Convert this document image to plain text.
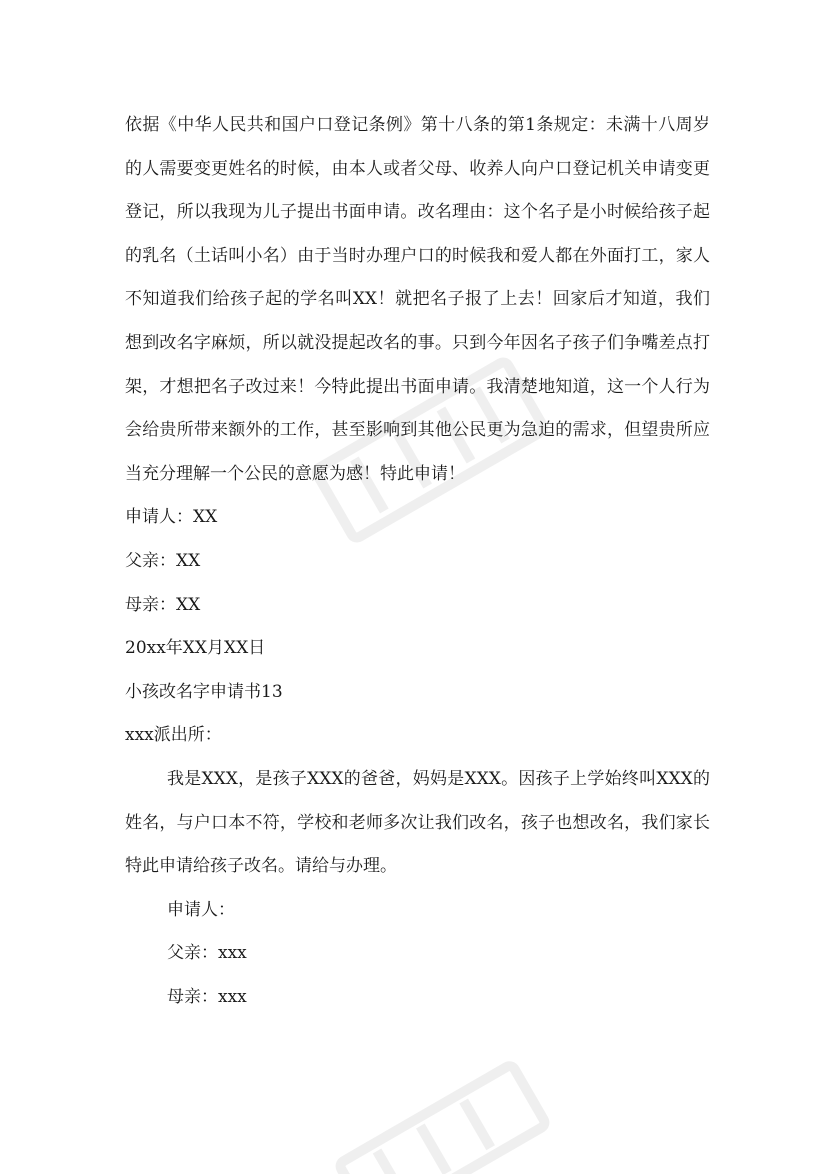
依据《中华人民共和国户口登记条例》第十八条的第1条规定：未满十八周岁的人需要变更姓名的时候，由本人或者父母、收养人向户口登记机关申请变更登记，所以我现为儿子提出书面申请。改名理由：这个名子是小时候给孩子起的乳名（土话叫小名）由于当时办理户口的时候我和爱人都在外面打工，家人不知道我们给孩子起的学名叫XX！就把名子报了上去！回家后才知道，我们想到改名字麻烦，所以就没提起改名的事。只到今年因名子孩子们争嘴差点打架，才想把名子改过来！今特此提出书面申请。我清楚地知道，这一个人行为会给贵所带来额外的工作，甚至影响到其他公民更为急迫的需求，但望贵所应当充分理解一个公民的意愿为感！特此申请！

申请人：XX

父亲：XX

母亲：XX

20xx年XX月XX日

小孩改名字申请书13

xxx派出所：

我是XXX，是孩子XXX的爸爸，妈妈是XXX。因孩子上学始终叫XXX的姓名，与户口本不符，学校和老师多次让我们改名，孩子也想改名，我们家长特此申请给孩子改名。请给与办理。

申请人：

父亲：xxx

母亲：xxx
